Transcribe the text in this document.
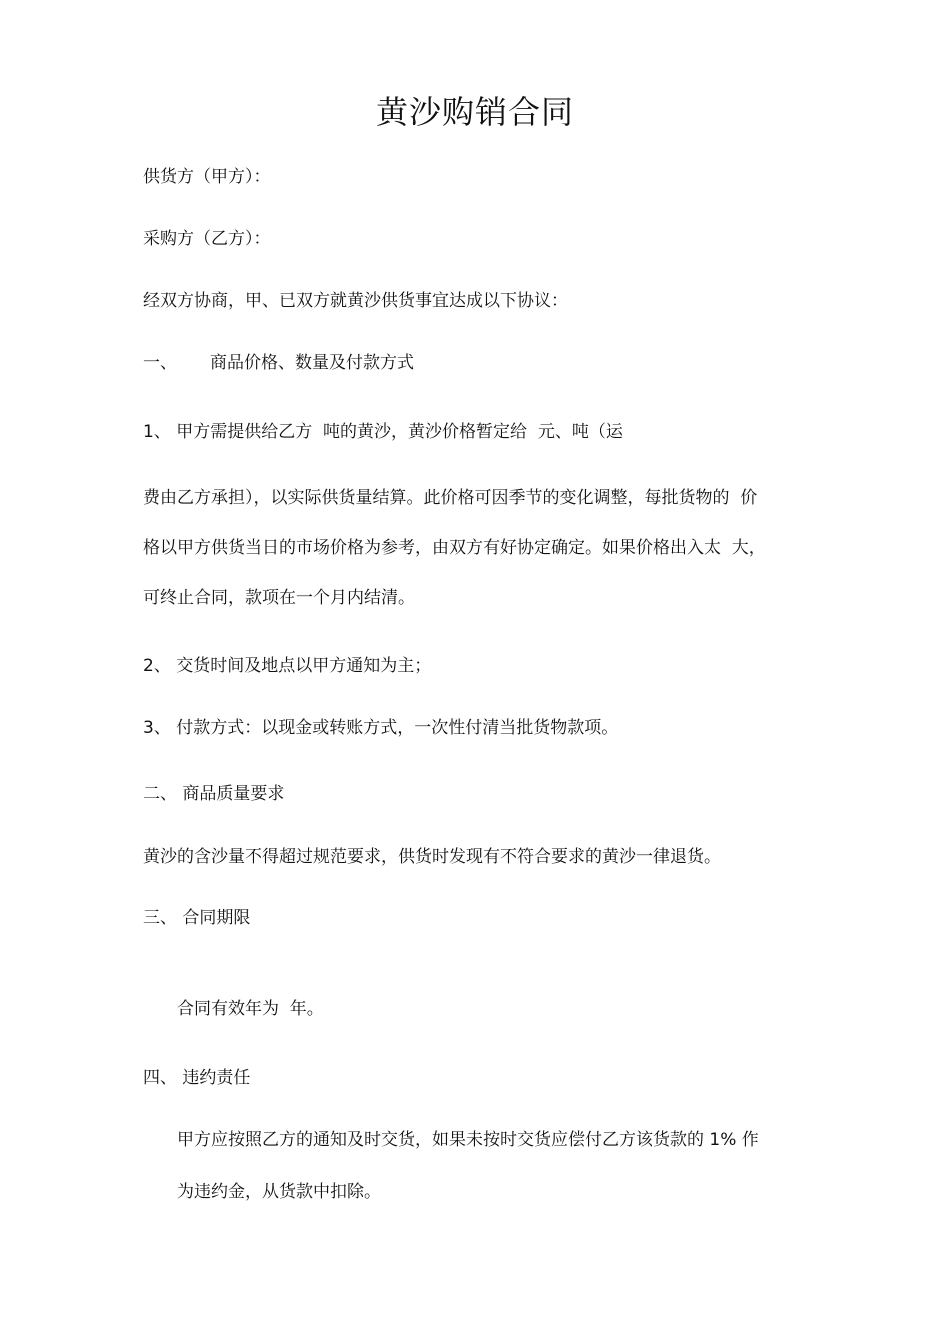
黄沙购销合同
供货方（甲方）：
采购方（乙方）：
经双方协商，甲、已双方就黄沙供货事宜达成以下协议：
一、 商品价格、数量及付款方式
1、 甲方需提供给乙方  吨的黄沙，黄沙价格暂定给  元、吨（运
费由乙方承担），以实际供货量结算。此价格可因季节的变化调整，每批货物的  价
格以甲方供货当日的市场价格为参考，由双方有好协定确定。如果价格出入太  大，
可终止合同，款项在一个月内结清。
2、 交货时间及地点以甲方通知为主；
3、 付款方式：以现金或转账方式，一次性付清当批货物款项。
二、 商品质量要求
黄沙的含沙量不得超过规范要求，供货时发现有不符合要求的黄沙一律退货。
三、 合同期限
合同有效年为  年。
四、 违约责任
甲方应按照乙方的通知及时交货，如果未按时交货应偿付乙方该货款的 1% 作
为违约金，从货款中扣除。
